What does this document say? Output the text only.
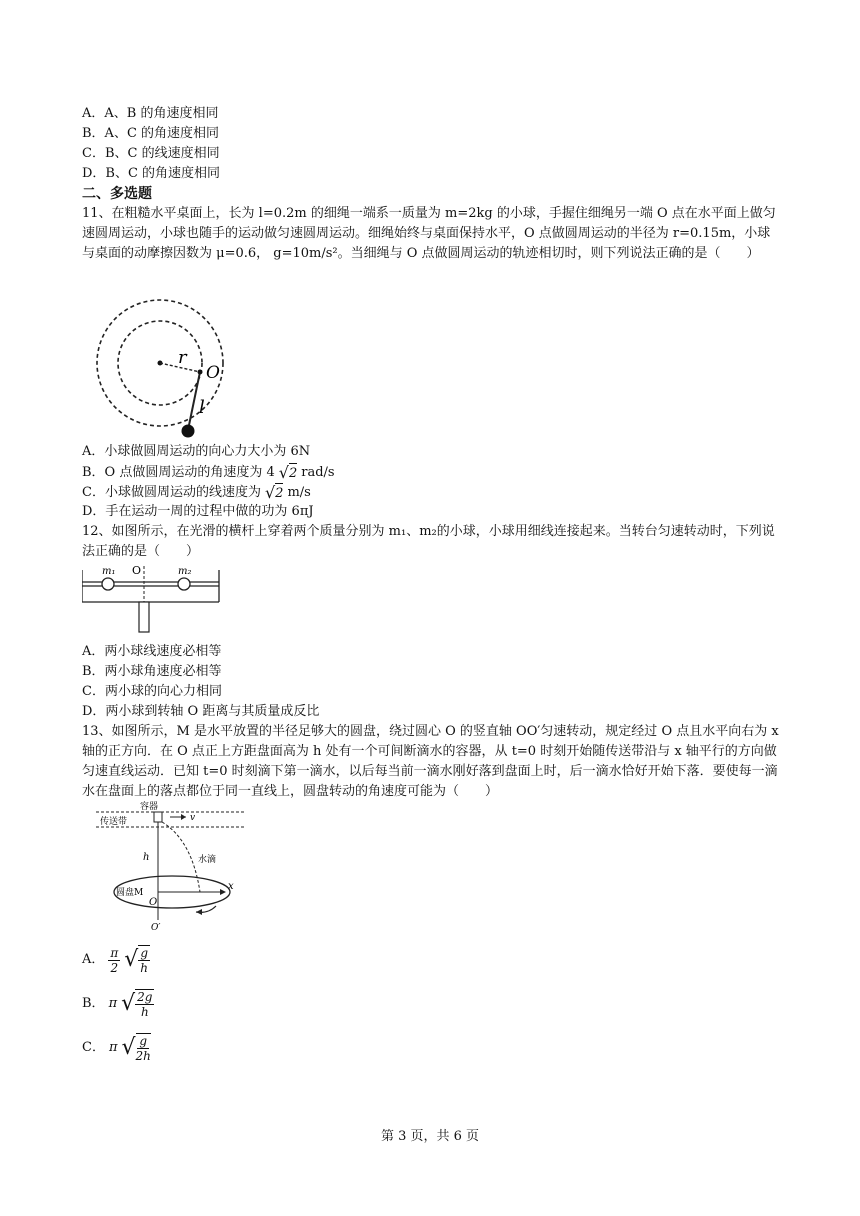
A．A、B 的角速度相同
B．A、C 的角速度相同
C．B、C 的线速度相同
D．B、C 的角速度相同
二、多选题
11、在粗糙水平桌面上，长为 l=0.2m 的细绳一端系一质量为 m=2kg 的小球，手握住细绳另一端 O 点在水平面上做匀速圆周运动，小球也随手的运动做匀速圆周运动。细绳始终与桌面保持水平，O 点做圆周运动的半径为 r=0.15m，小球与桌面的动摩擦因数为 μ=0.6， g=10m/s²。当细绳与 O 点做圆周运动的轨迹相切时，则下列说法正确的是（　　）
r
O
l
A．小球做圆周运动的向心力大小为 6N
B．O 点做圆周运动的角速度为 4 √ 2 rad/s
C．小球做圆周运动的线速度为 √ 2 m/s
D．手在运动一周的过程中做的功为 6πJ
12、如图所示，在光滑的横杆上穿着两个质量分别为 m₁、m₂的小球，小球用细线连接起来。当转台匀速转动时，下列说法正确的是（　　）
m₁ O	m₂
A．两小球线速度必相等
B．两小球角速度必相等
C．两小球的向心力相同
D．两小球到转轴 O 距离与其质量成反比
13、如图所示，M 是水平放置的半径足够大的圆盘，绕过圆心 O 的竖直轴 OO′匀速转动，规定经过 O 点且水平向右为 x 轴的正方向．在 O 点正上方距盘面高为 h 处有一个可间断滴水的容器，从 t=0 时刻开始随传送带沿与 x 轴平行的方向做匀速直线运动．已知 t=0 时刻滴下第一滴水，以后每当前一滴水刚好落到盘面上时，后一滴水恰好开始下落．要使每一滴水在盘面上的落点都位于同一直线上，圆盘转动的角速度可能为（　　）
容器
传送带	v
h	水滴
圆盘M
O
x
O′
A． $\frac{\pi}{2}$ √ $\frac{g}{h}$
B． π √ $\frac{2g}{h}$
C． π √ $\frac{g}{2h}$
第 3 页，共 6 页
